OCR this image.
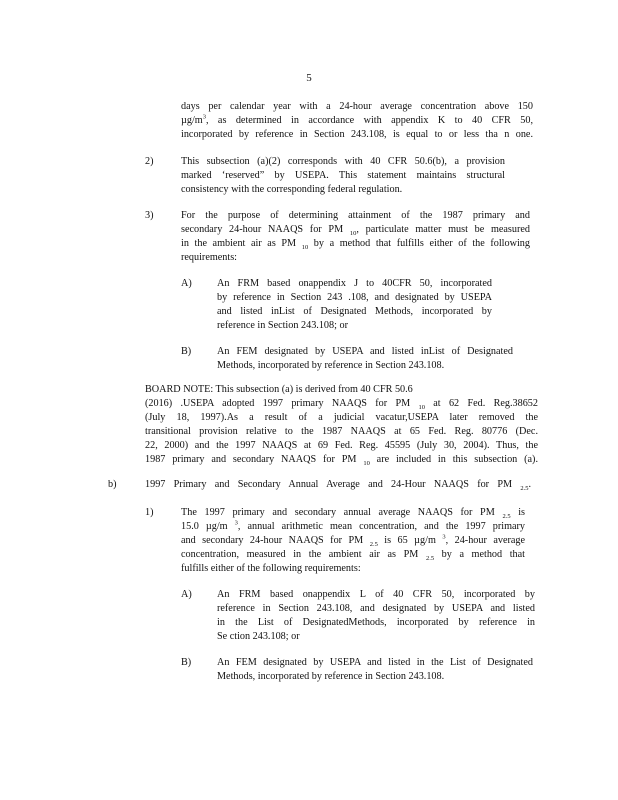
5

days per calendar year with a 24-hour average concentration above 150

$\mu g/m^3$, as determined in accordance with appendix K to 40 CFR 50,

incorporated by reference in Section 243.108, is equal to or less tha n one.

2)	This subsection (a)(2) corresponds with 40 CFR 50.6(b), a provision

marked ‘reserved” by USEPA. This statement maintains structural

consistency with the corresponding federal regulation.

3)	For the purpose of determining attainment of the 1987 primary and

secondary 24-hour NAAQS for PM $_{10}$, particulate matter must be measured

in the ambient air as PM $_{10}$ by a method that fulfills either of the following

requirements:

A) An FRM based onappendix J to 40CFR 50, incorporated

by reference in Section 243 .108, and designated by USEPA

and listed inList of Designated Methods, incorporated by

reference in Section 243.108; or

B)	An FEM designated by USEPA and listed inList of Designated

Methods, incorporated by reference in Section 243.108.

BOARD NOTE: This subsection (a) is derived from 40 CFR 50.6

(2016) .USEPA adopted 1997 primary NAAQS for PM $_{10}$ at 62 Fed. Reg.38652

(July 18, 1997).As a result of a judicial vacatur,USEPA later removed the

transitional provision relative to the 1987 NAAQS at 65 Fed. Reg. 80776 (Dec.

22, 2000) and the 1997 NAAQS at 69 Fed. Reg. 45595 (July 30, 2004). Thus, the

1987 primary and secondary NAAQS for PM $_{10}$ are included in this subsection (a).

b)	1997 Primary and Secondary Annual Average and 24-Hour NAAQS for PM $_{2.5}$.

1)	The 1997 primary and secondary annual average NAAQS for PM $_{2.5}$ is

15.0 µg/m $^3$, annual arithmetic mean concentration, and the 1997 primary

and secondary 24-hour NAAQS for PM $_{2.5}$ is 65 µg/m $^3$, 24-hour average

concentration, measured in the ambient air as PM $_{2.5}$ by a method that

fulfills either of the following requirements:

A) An FRM based onappendix L of 40 CFR 50, incorporated by

reference in Section 243.108, and designated by USEPA and listed

in the List of DesignatedMethods, incorporated by reference in

Se ction 243.108; or

B)	An FEM designated by USEPA and listed in the List of Designated

Methods, incorporated by reference in Section 243.108.
